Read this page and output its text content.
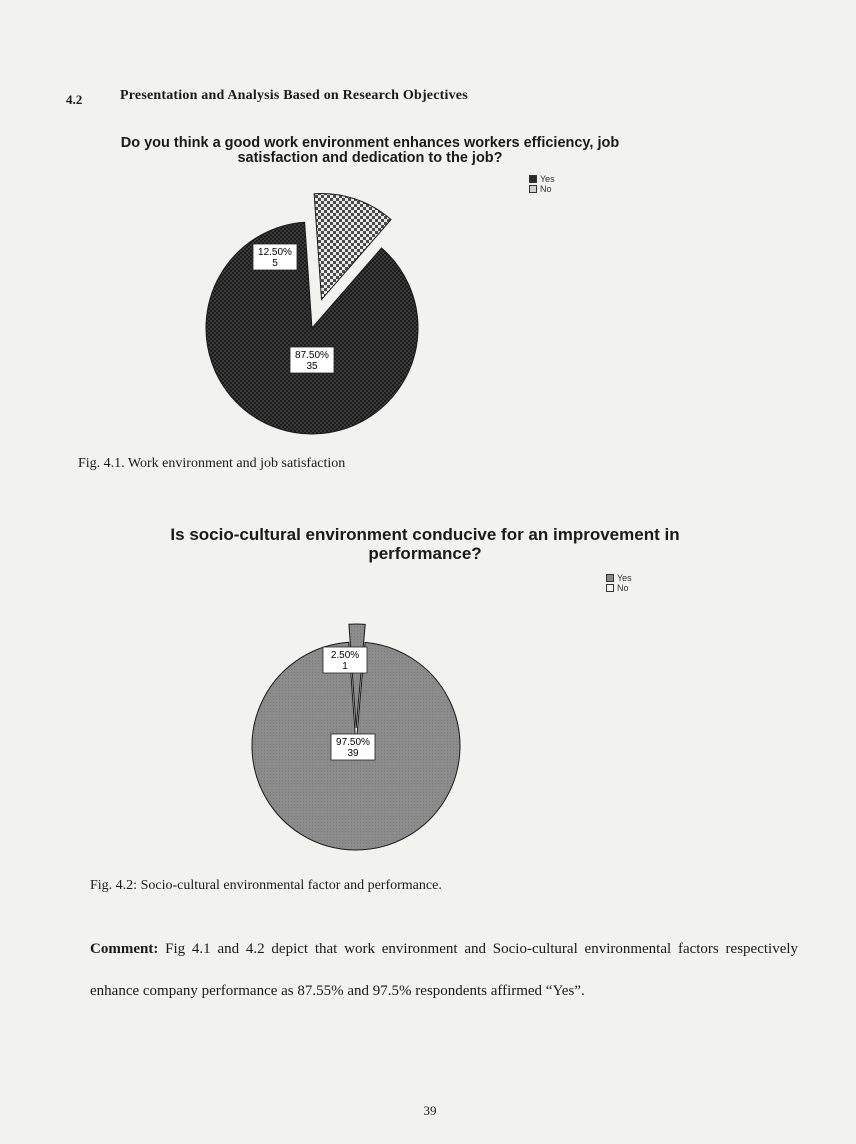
4.2	Presentation and Analysis Based on Research Objectives
Do you think a good work environment enhances workers efficiency, job satisfaction and dedication to the job?
Yes
No
Is socio-cultural environment conducive for an improvement in performance?
Yes
No
87.50%
35
12.50%
5
97.50%
39
2.50%
1
Fig. 4.1. Work environment and job satisfaction
Fig. 4.2: Socio-cultural environmental factor and performance.
Comment: Fig 4.1 and 4.2 depict that work environment and Socio-cultural environmental factors respectively enhance company performance as 87.55% and 97.5% respondents affirmed “Yes”.
39
